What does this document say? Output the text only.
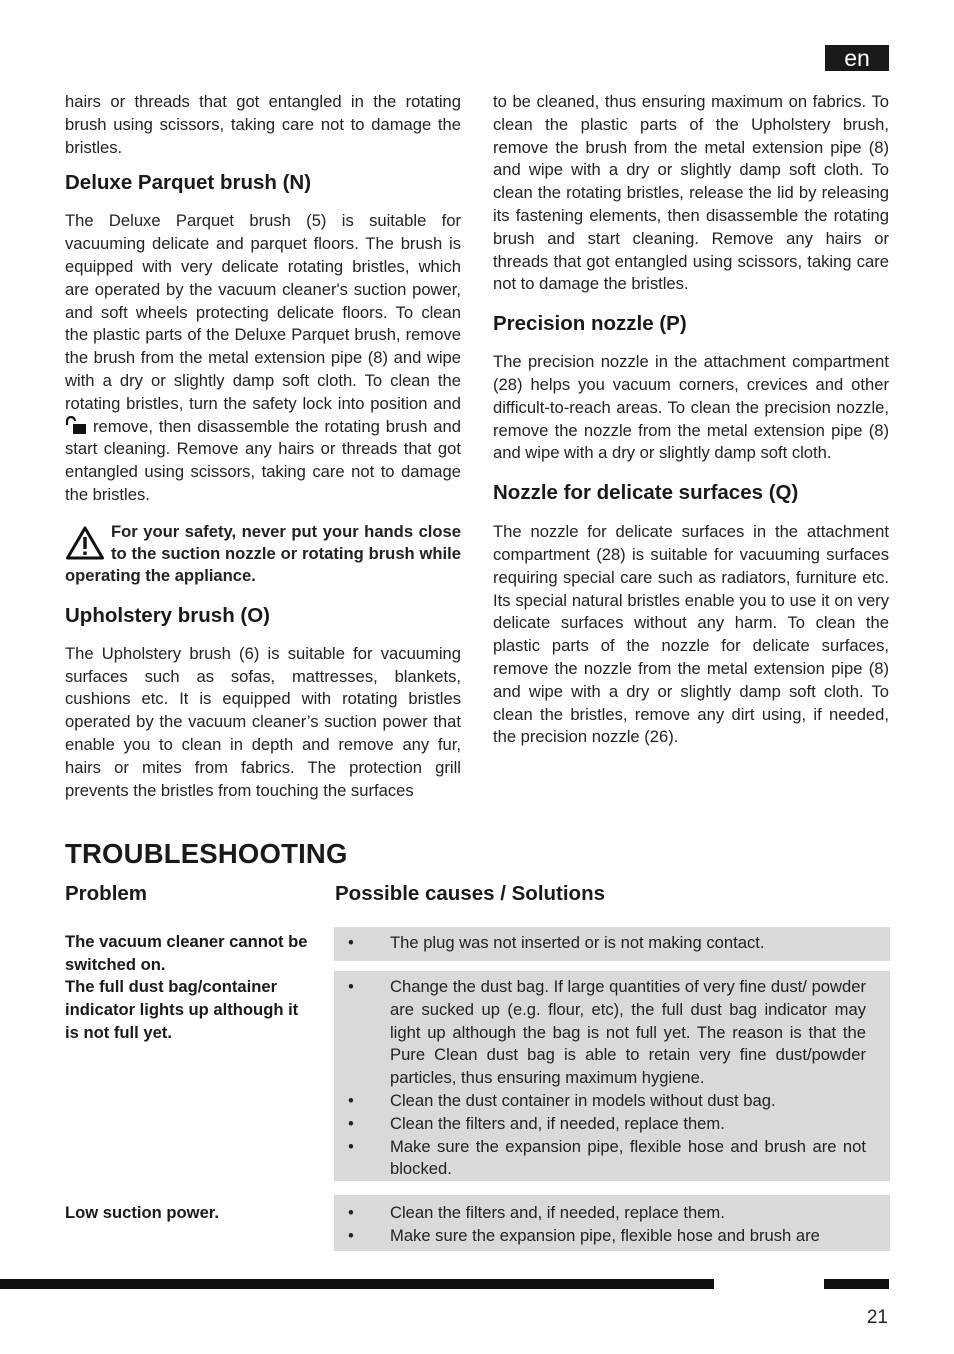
en

hairs or threads that got entangled in the rotating brush using scissors, taking care not to damage the bristles.

Deluxe Parquet brush (N)

The Deluxe Parquet brush (5) is suitable for vacuuming delicate and parquet floors. The brush is equipped with very delicate rotating bristles, which are operated by the vacuum cleaner's suction power, and soft wheels protecting delicate floors. To clean the plastic parts of the Deluxe Parquet brush, remove the brush from the metal extension pipe (8) and wipe with a dry or slightly damp soft cloth. To clean the rotating bristles, turn the safety lock into position and  remove, then disassemble the rotating brush and start cleaning. Remove any hairs or threads that got entangled using scissors, taking care not to damage the bristles.

For your safety, never put your hands close to the suction nozzle or rotating brush while operating the appliance.
Upholstery brush (O)

The Upholstery brush (6) is suitable for vacuuming surfaces such as sofas, mattresses, blankets, cushions etc. It is equipped with rotating bristles operated by the vacuum cleaner’s suction power that enable you to clean in depth and remove any fur, hairs or mites from fabrics. The protection grill prevents the bristles from touching the surfaces

to be cleaned, thus ensuring maximum on fabrics. To clean the plastic parts of the Upholstery brush, remove the brush from the metal extension pipe (8) and wipe with a dry or slightly damp soft cloth. To clean the rotating bristles, release the lid by releasing its fastening elements, then disassemble the rotating brush and start cleaning. Remove any hairs or threads that got entangled using scissors, taking care not to damage the bristles.

Precision nozzle (P)

The precision nozzle in the attachment compartment (28) helps you vacuum corners, crevices and other difficult-to-reach areas. To clean the precision nozzle, remove the nozzle from the metal extension pipe (8) and wipe with a dry or slightly damp soft cloth.

Nozzle for delicate surfaces (Q)

The nozzle for delicate surfaces in the attachment compartment (28) is suitable for vacuuming surfaces requiring special care such as radiators, furniture etc. Its special natural bristles enable you to use it on very delicate surfaces without any harm. To clean the plastic parts of the nozzle for delicate surfaces, remove the nozzle from the metal extension pipe (8) and wipe with a dry or slightly damp soft cloth. To clean the bristles, remove any dirt using, if needed, the precision nozzle (26).

TROUBLESHOOTING
Problem	Possible causes / Solutions
The vacuum cleaner cannot be switched on.
• The plug was not inserted or is not making contact.
The full dust bag/container indicator lights up although it is not full yet.
• Change the dust bag. If large quantities of very fine dust/ powder are sucked up (e.g. flour, etc), the full dust bag indicator may light up although the bag is not full yet. The reason is that the Pure Clean dust bag is able to retain very fine dust/powder particles, thus ensuring maximum hygiene.
• Clean the dust container in models without dust bag.
• Clean the filters and, if needed, replace them.
• Make sure the expansion pipe, flexible hose and brush are not blocked.
Low suction power.	• Clean the filters and, if needed, replace them.
• Make sure the expansion pipe, flexible hose and brush are
21
